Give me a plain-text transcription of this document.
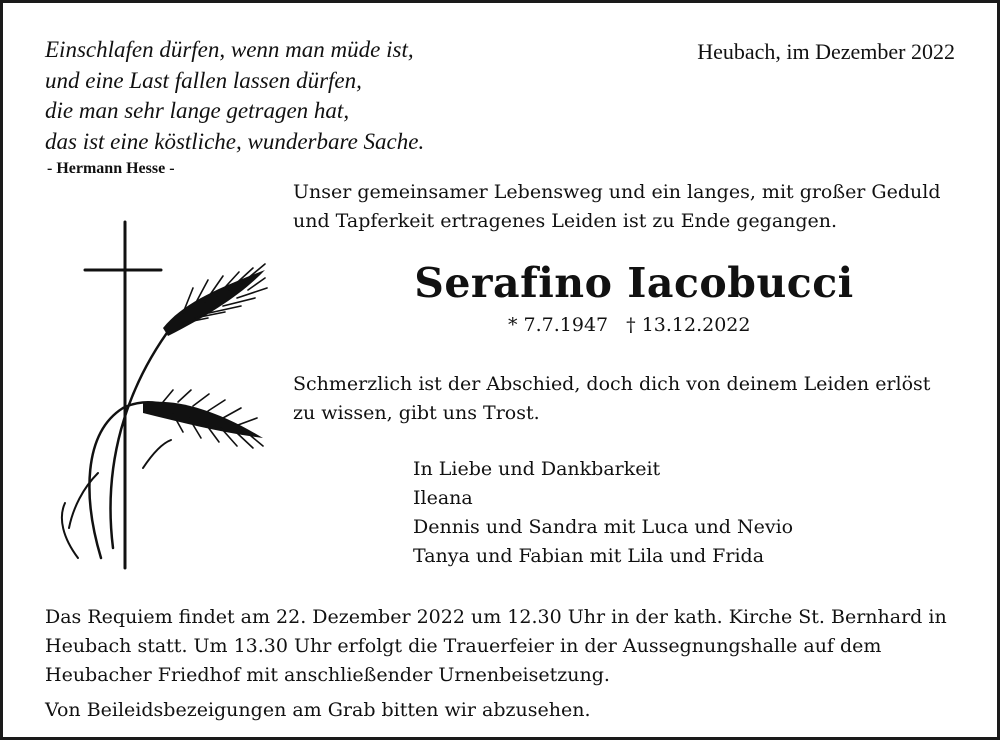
Einschlafen dürfen, wenn man müde ist,
und eine Last fallen lassen dürfen,
die man sehr lange getragen hat,
das ist eine köstliche, wunderbare Sache.
- Hermann Hesse -
Heubach, im Dezember 2022
Unser gemeinsamer Lebensweg und ein langes, mit großer Geduld
und Tapferkeit ertragenes Leiden ist zu Ende gegangen.
Serafino Iacobucci
* 7.7.1947 † 13.12.2022
Schmerzlich ist der Abschied, doch dich von deinem Leiden erlöst
zu wissen, gibt uns Trost.
In Liebe und Dankbarkeit
Ileana
Dennis und Sandra mit Luca und Nevio
Tanya und Fabian mit Lila und Frida
Das Requiem findet am 22. Dezember 2022 um 12.30 Uhr in der kath. Kirche St. Bernhard in
Heubach statt. Um 13.30 Uhr erfolgt die Trauerfeier in der Aussegnungshalle auf dem
Heubacher Friedhof mit anschließender Urnenbeisetzung.
Von Beileidsbezeigungen am Grab bitten wir abzusehen.
